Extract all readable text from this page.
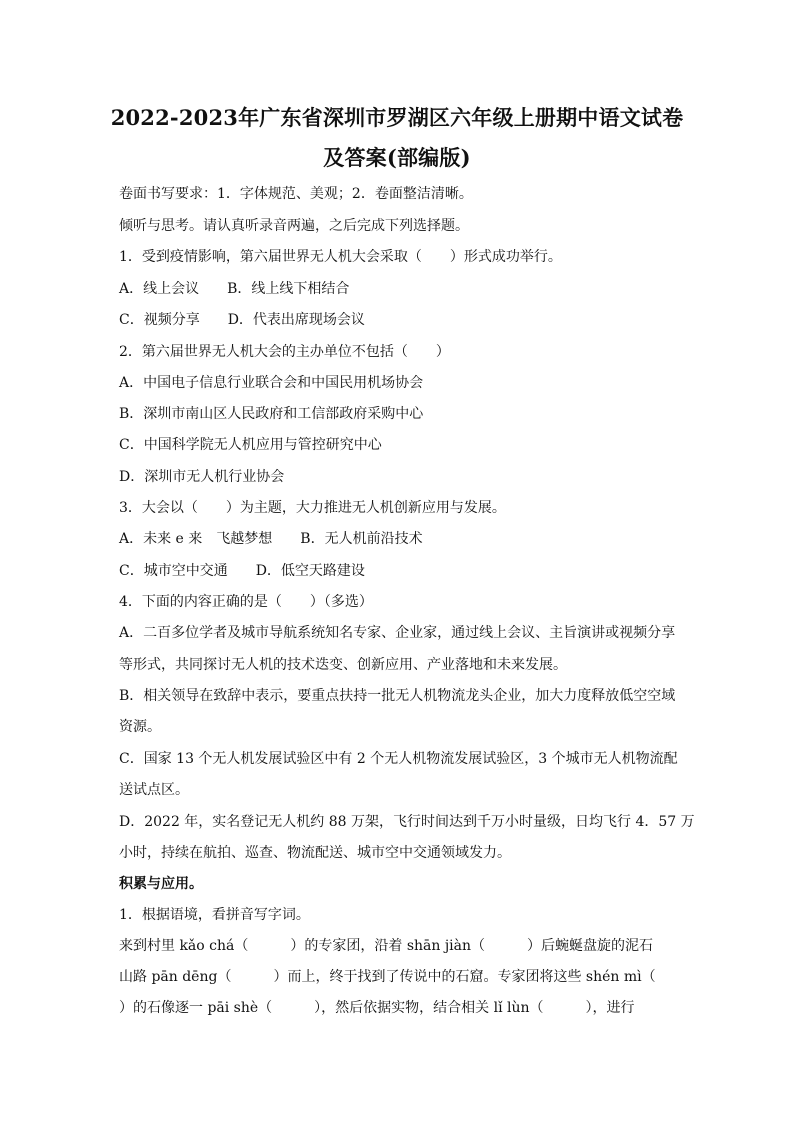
2022-2023年广东省深圳市罗湖区六年级上册期中语文试卷
及答案(部编版)
卷面书写要求：1．字体规范、美观；2．卷面整洁清晰。
倾听与思考。请认真听录音两遍，之后完成下列选择题。
1．受到疫情影响，第六届世界无人机大会采取（　　）形式成功举行。
A．线上会议　　B．线上线下相结合
C．视频分享　　D．代表出席现场会议
2．第六届世界无人机大会的主办单位不包括（　　）
A．中国电子信息行业联合会和中国民用机场协会
B．深圳市南山区人民政府和工信部政府采购中心
C．中国科学院无人机应用与管控研究中心
D．深圳市无人机行业协会
3．大会以（　　）为主题，大力推进无人机创新应用与发展。
A．未来 e 来　飞越梦想　　B．无人机前沿技术
C．城市空中交通　　D．低空天路建设
4．下面的内容正确的是（　　）（多选）
A．二百多位学者及城市导航系统知名专家、企业家，通过线上会议、主旨演讲或视频分享
等形式，共同探讨无人机的技术迭变、创新应用、产业落地和未来发展。
B．相关领导在致辞中表示，要重点扶持一批无人机物流龙头企业，加大力度释放低空空域
资源。
C．国家 13 个无人机发展试验区中有 2 个无人机物流发展试验区，3 个城市无人机物流配
送试点区。
D．2022 年，实名登记无人机约 88 万架，飞行时间达到千万小时量级，日均飞行 4．57 万
小时，持续在航拍、巡查、物流配送、城市空中交通领域发力。
积累与应用。
1．根据语境，看拼音写字词。
来到村里 kǎo chá（　　　）的专家团，沿着 shān jiàn（　　　）后蜿蜒盘旋的泥石
山路 pān dēng（　　　）而上，终于找到了传说中的石窟。专家团将这些 shén mì（
）的石像逐一 pāi shè（　　　），然后依据实物，结合相关 lǐ lùn（　　　），进行
